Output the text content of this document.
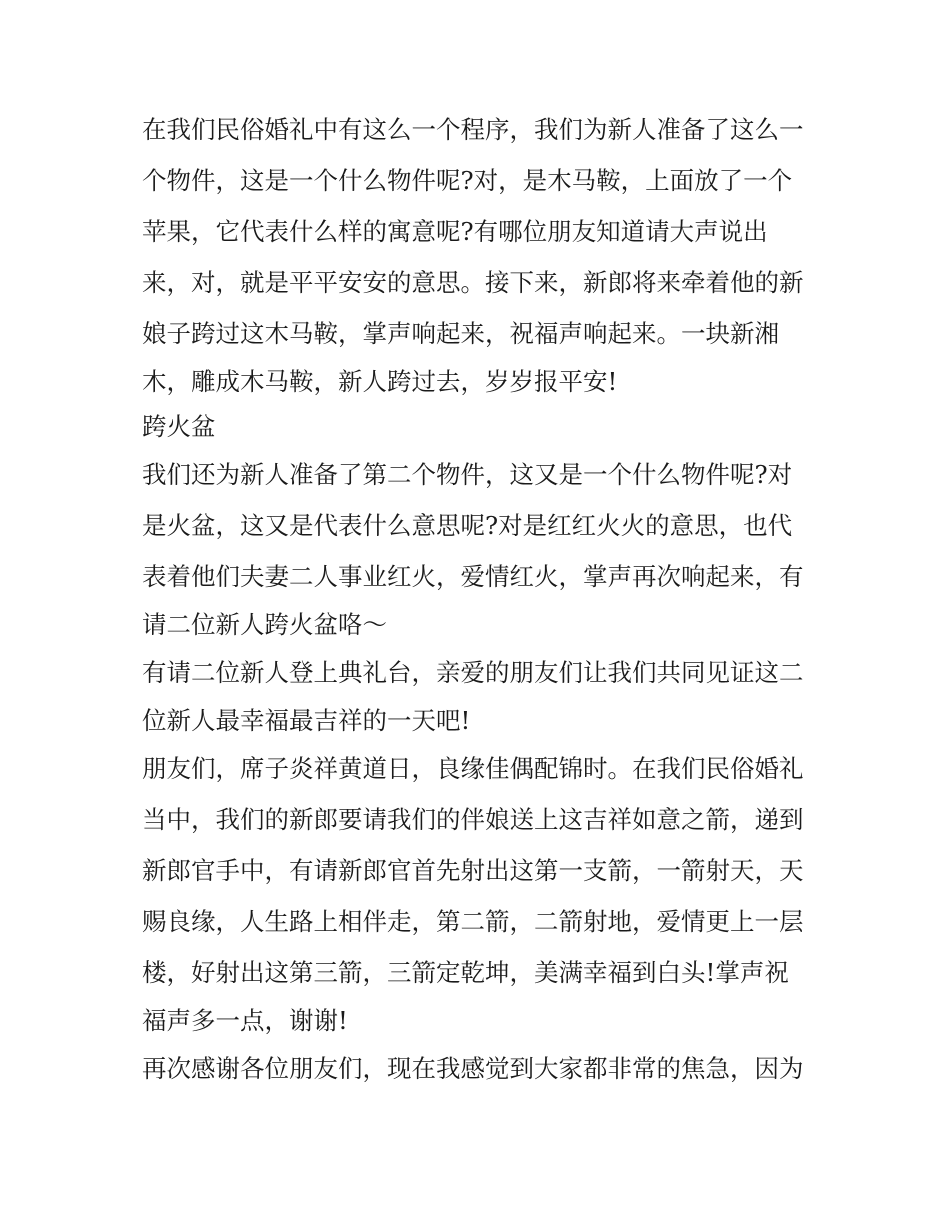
在我们民俗婚礼中有这么一个程序，我们为新人准备了这么一
个物件，这是一个什么物件呢?对，是木马鞍，上面放了一个
苹果，它代表什么样的寓意呢?有哪位朋友知道请大声说出
来，对，就是平平安安的意思。接下来，新郎将来牵着他的新
娘子跨过这木马鞍，掌声响起来，祝福声响起来。一块新湘
木，雕成木马鞍，新人跨过去，岁岁报平安!
跨火盆
我们还为新人准备了第二个物件，这又是一个什么物件呢?对
是火盆，这又是代表什么意思呢?对是红红火火的意思，也代
表着他们夫妻二人事业红火，爱情红火，掌声再次响起来，有
请二位新人跨火盆咯～
有请二位新人登上典礼台，亲爱的朋友们让我们共同见证这二
位新人最幸福最吉祥的一天吧!
朋友们，席子炎祥黄道日，良缘佳偶配锦时。在我们民俗婚礼
当中，我们的新郎要请我们的伴娘送上这吉祥如意之箭，递到
新郎官手中，有请新郎官首先射出这第一支箭，一箭射天，天
赐良缘，人生路上相伴走，第二箭，二箭射地，爱情更上一层
楼，好射出这第三箭，三箭定乾坤，美满幸福到白头!掌声祝
福声多一点，谢谢!
再次感谢各位朋友们，现在我感觉到大家都非常的焦急，因为
